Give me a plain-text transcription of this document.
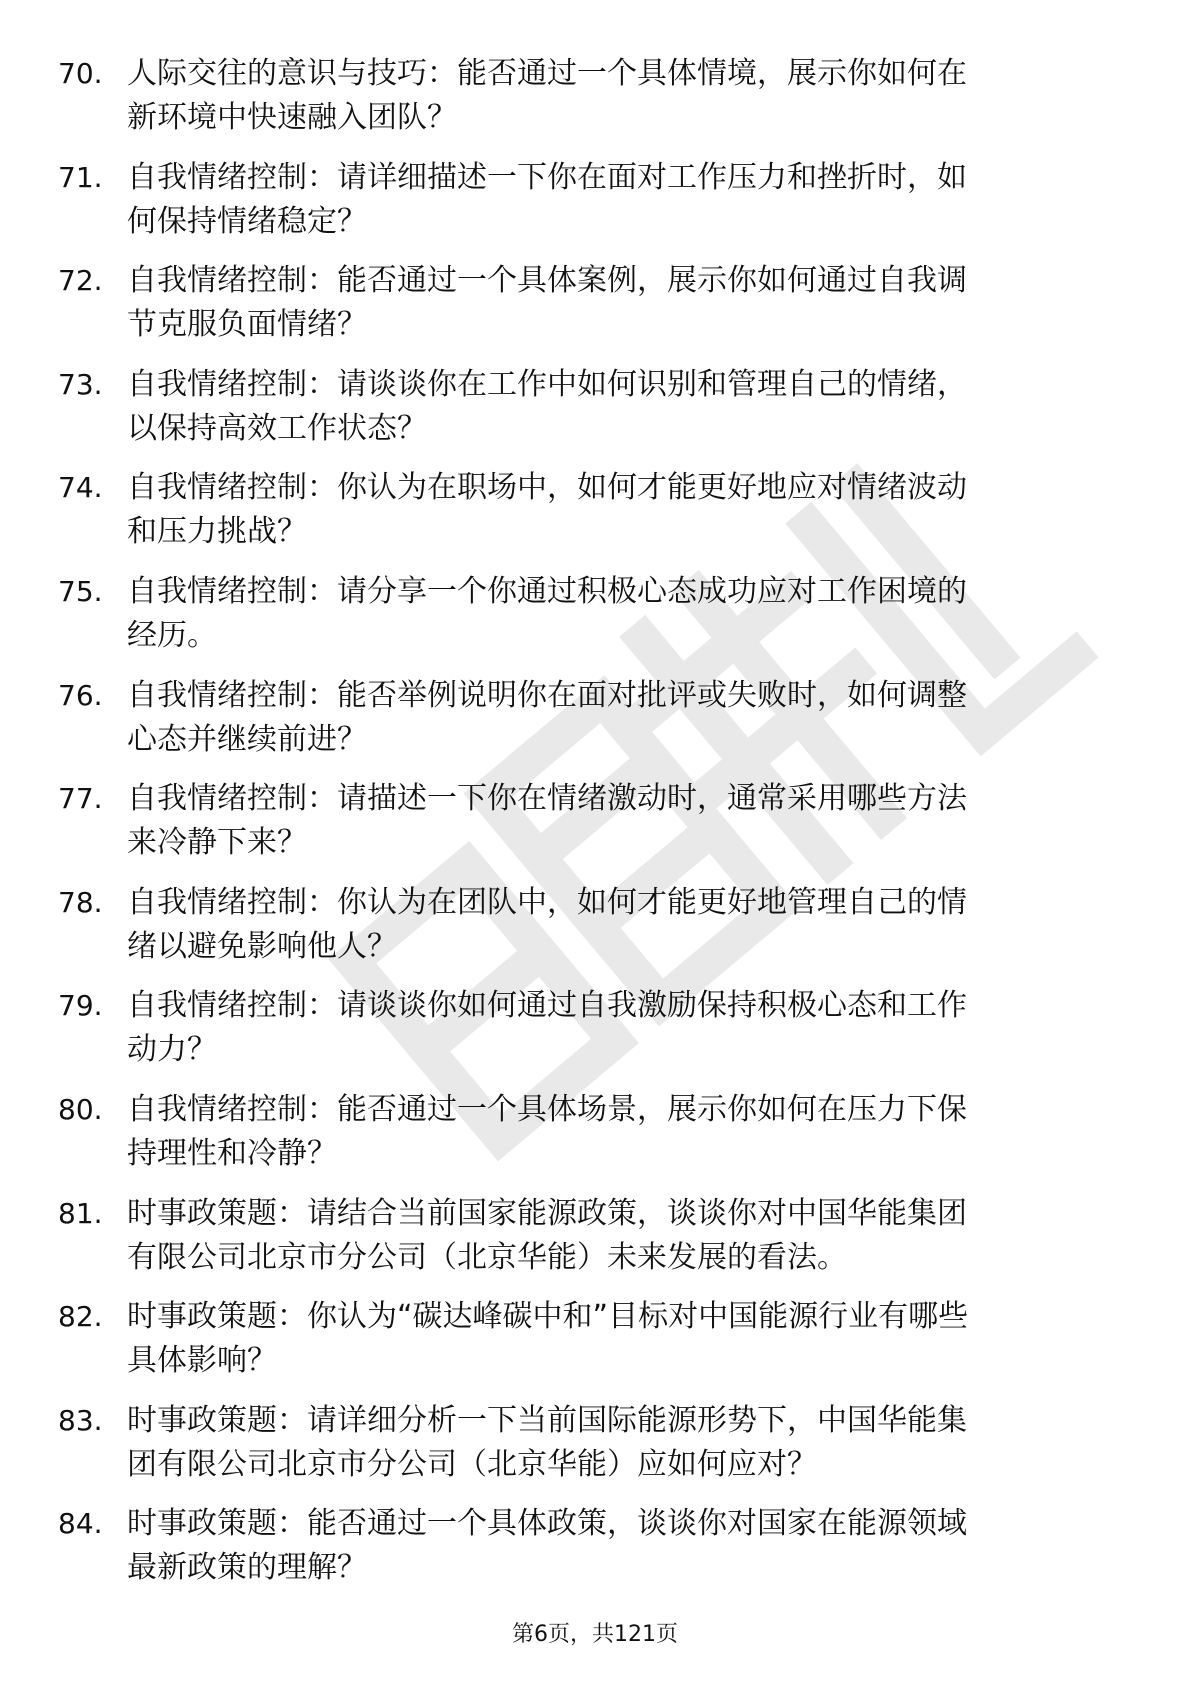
70. 人际交往的意识与技巧：能否通过一个具体情境，展示你如何在
新环境中快速融入团队？
71. 自我情绪控制：请详细描述一下你在面对工作压力和挫折时，如
何保持情绪稳定？
72. 自我情绪控制：能否通过一个具体案例，展示你如何通过自我调
节克服负面情绪？
73. 自我情绪控制：请谈谈你在工作中如何识别和管理自己的情绪，
以保持高效工作状态？
74. 自我情绪控制：你认为在职场中，如何才能更好地应对情绪波动
和压力挑战？
75. 自我情绪控制：请分享一个你通过积极心态成功应对工作困境的
经历。
76. 自我情绪控制：能否举例说明你在面对批评或失败时，如何调整
心态并继续前进？
77. 自我情绪控制：请描述一下你在情绪激动时，通常采用哪些方法
来冷静下来？
78. 自我情绪控制：你认为在团队中，如何才能更好地管理自己的情
绪以避免影响他人？
79. 自我情绪控制：请谈谈你如何通过自我激励保持积极心态和工作
动力？
80. 自我情绪控制：能否通过一个具体场景，展示你如何在压力下保
持理性和冷静？
81. 时事政策题：请结合当前国家能源政策，谈谈你对中国华能集团
有限公司北京市分公司（北京华能）未来发展的看法。
82. 时事政策题：你认为“碳达峰碳中和”目标对中国能源行业有哪些
具体影响？
83. 时事政策题：请详细分析一下当前国际能源形势下，中国华能集
团有限公司北京市分公司（北京华能）应如何应对？
84. 时事政策题：能否通过一个具体政策，谈谈你对国家在能源领域
最新政策的理解？
第6页，共121页
